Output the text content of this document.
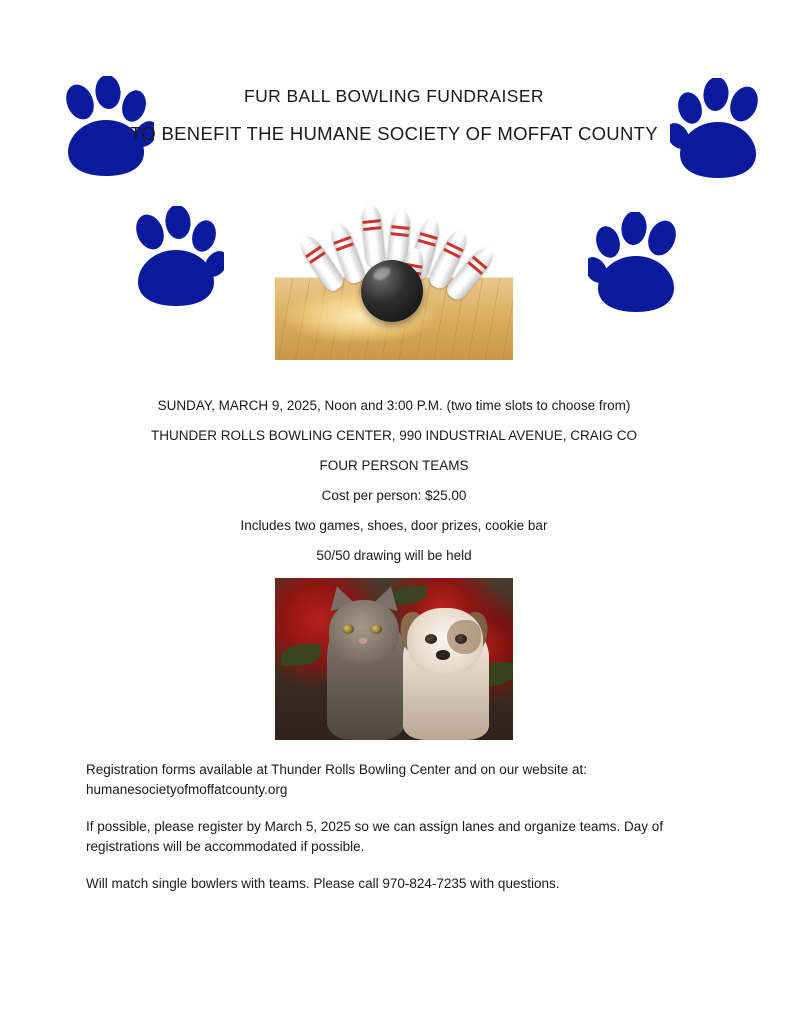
FUR BALL BOWLING FUNDRAISER
TO BENEFIT THE HUMANE SOCIETY OF MOFFAT COUNTY
SUNDAY, MARCH 9, 2025, Noon and 3:00 P.M. (two time slots to choose from)
THUNDER ROLLS BOWLING CENTER, 990 INDUSTRIAL AVENUE, CRAIG CO
FOUR PERSON TEAMS
Cost per person: $25.00
Includes two games, shoes, door prizes, cookie bar
50/50 drawing will be held

Registration forms available at Thunder Rolls Bowling Center and on our website at: humanesocietyofmoffatcounty.org

If possible, please register by March 5, 2025 so we can assign lanes and organize teams. Day of registrations will be accommodated if possible.

Will match single bowlers with teams. Please call 970-824-7235 with questions.
